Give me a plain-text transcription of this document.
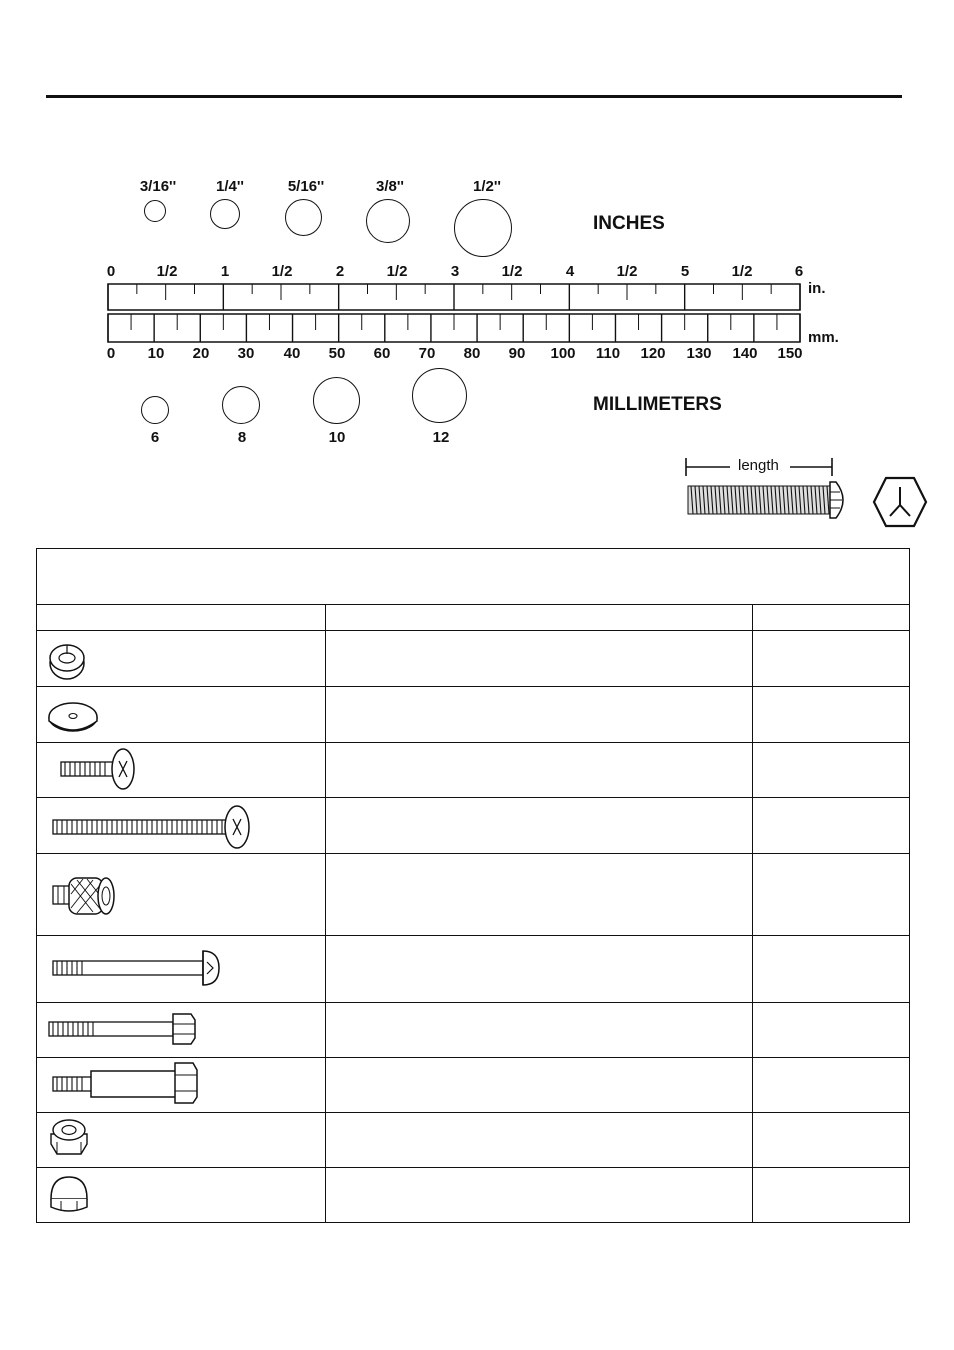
3/16''	1/4''	5/16''	3/8''	1/2''
INCHES
0	1/2	1	1/2	2	1/2	3	1/2	4	1/2	5	1/2	6
in.
mm.
0 10 20 30 40 50 60 70 80 90 100 110 120 130 140 150
6	8	10	12
MILLIMETERS
length
